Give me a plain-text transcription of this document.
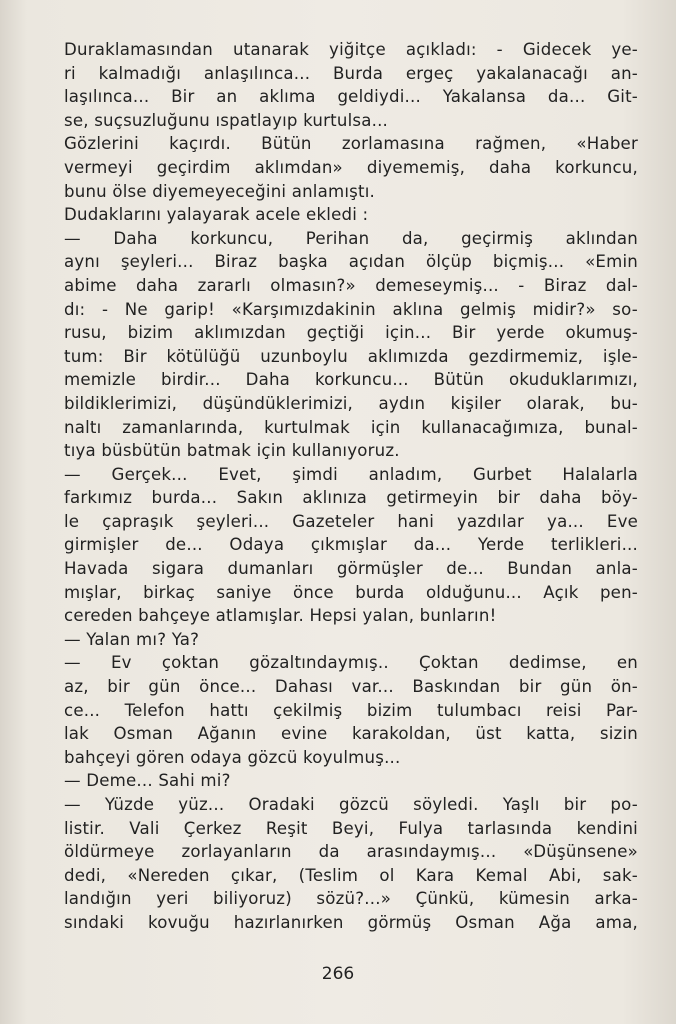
Duraklamasından utanarak yiğitçe açıkladı: - Gidecek ye-
ri kalmadığı anlaşılınca... Burda ergeç yakalanacağı an-
laşılınca... Bir an aklıma geldiydi... Yakalansa da... Git-
se, suçsuzluğunu ıspatlayıp kurtulsa...
Gözlerini kaçırdı. Bütün zorlamasına rağmen, «Haber
vermeyi geçirdim aklımdan» diyememiş, daha korkuncu,
bunu ölse diyemeyeceğini anlamıştı.
Dudaklarını yalayarak acele ekledi :
— Daha korkuncu, Perihan da, geçirmiş aklından
aynı şeyleri... Biraz başka açıdan ölçüp biçmiş... «Emin
abime daha zararlı olmasın?» demeseymiş... - Biraz dal-
dı: - Ne garip! «Karşımızdakinin aklına gelmiş midir?» so-
rusu, bizim aklımızdan geçtiği için... Bir yerde okumuş-
tum: Bir kötülüğü uzunboylu aklımızda gezdirmemiz, işle-
memizle birdir... Daha korkuncu... Bütün okuduklarımızı,
bildiklerimizi, düşündüklerimizi, aydın kişiler olarak, bu-
naltı zamanlarında, kurtulmak için kullanacağımıza, bunal-
tıya büsbütün batmak için kullanıyoruz.
— Gerçek... Evet, şimdi anladım, Gurbet Halalarla
farkımız burda... Sakın aklınıza getirmeyin bir daha böy-
le çapraşık şeyleri... Gazeteler hani yazdılar ya... Eve
girmişler de... Odaya çıkmışlar da... Yerde terlikleri...
Havada sigara dumanları görmüşler de... Bundan anla-
mışlar, birkaç saniye önce burda olduğunu... Açık pen-
cereden bahçeye atlamışlar. Hepsi yalan, bunların!
— Yalan mı? Ya?
— Ev çoktan gözaltındaymış.. Çoktan dedimse, en
az, bir gün önce... Dahası var... Baskından bir gün ön-
ce... Telefon hattı çekilmiş bizim tulumbacı reisi Par-
lak Osman Ağanın evine karakoldan, üst katta, sizin
bahçeyi gören odaya gözcü koyulmuş...
— Deme... Sahi mi?
— Yüzde yüz... Oradaki gözcü söyledi. Yaşlı bir po-
listir. Vali Çerkez Reşit Beyi, Fulya tarlasında kendini
öldürmeye zorlayanların da arasındaymış... «Düşünsene»
dedi, «Nereden çıkar, (Teslim ol Kara Kemal Abi, sak-
landığın yeri biliyoruz) sözü?...» Çünkü, kümesin arka-
sındaki kovuğu hazırlanırken görmüş Osman Ağa ama,
266
